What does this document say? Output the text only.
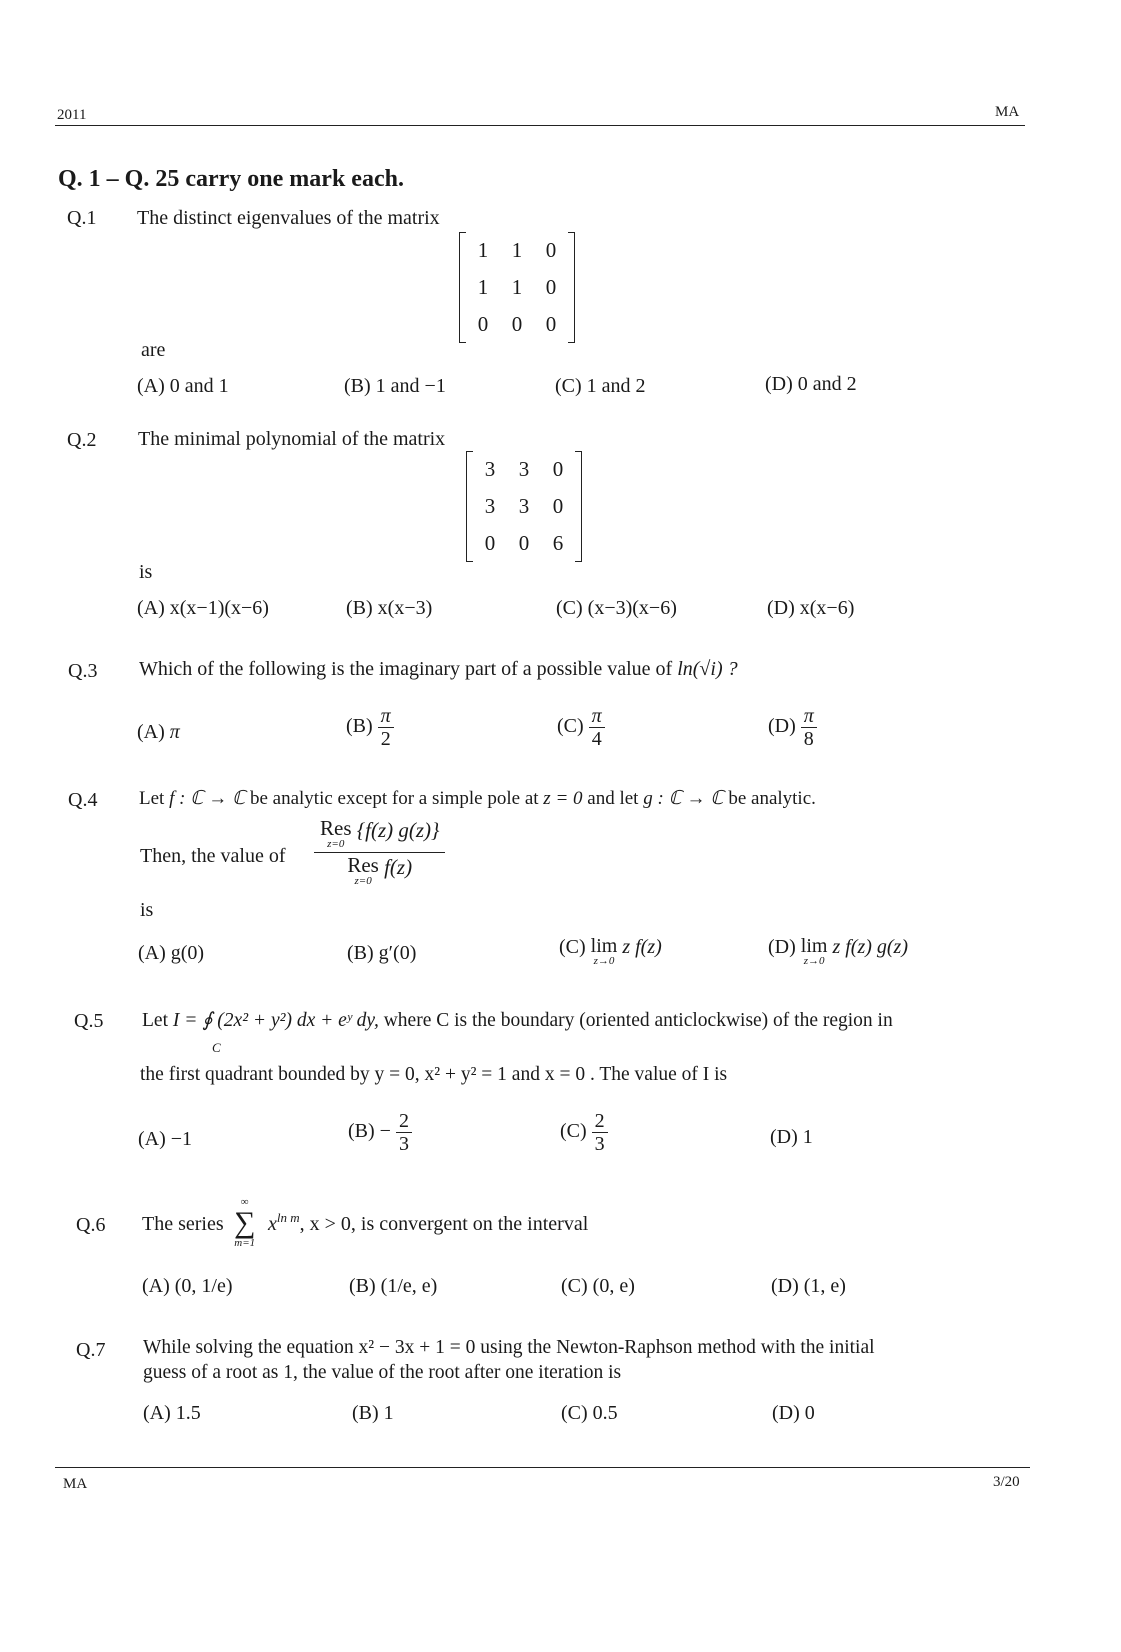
2011	MA
Q. 1 – Q. 25 carry one mark each.
Q.1 The distinct eigenvalues of the matrix
1	1	0
1	1	0
0	0	0
are
(A) 0 and 1	(B) 1 and −1	(C) 1 and 2	(D) 0 and 2
Q.2 The minimal polynomial of the matrix
3	3	0
3	3	0
0	0	6
is
(A) x(x−1)(x−6)	(B) x(x−3)	(C) (x−3)(x−6)	(D) x(x−6)
Q.3 Which of the following is the imaginary part of a possible value of ln(√i) ?
(A) π	$(B) \frac{\pi}{2}$	$(C) \frac{\pi}{4}$	$(D) \frac{\pi}{8}$
Q.4 Let f : ℂ → ℂ be analytic except for a simple pole at z = 0 and let g : ℂ → ℂ be analytic.
Then, the value of Res
z=0
{f(z) g(z)}
Res
z=0
f(z)
is
(A) g(0)	(B) g′(0)	(C) lim
z→0
z f(z)	(D) lim
z→0
z f(z) g(z)
Q.5 Let I = ∮ (2x² + y²) dx + eʸ dy, where C is the boundary (oriented anticlockwise) of the region in
C
the first quadrant bounded by y = 0, x² + y² = 1 and x = 0 . The value of I is
(A) −1	$(B) - \frac{2}{3}$	$(C) \frac{2}{3}$	(D) 1
Q.6 The series
∞
∑
m=1
$x^{ln m}$, x > 0, is convergent on the interval
(A) (0, 1/e)	(B) (1/e, e)	(C) (0, e)	(D) (1, e)
Q.7 While solving the equation x² − 3x + 1 = 0 using the Newton-Raphson method with the initial
guess of a root as 1, the value of the root after one iteration is
(A) 1.5	(B) 1	(C) 0.5	(D) 0
MA	3/20
